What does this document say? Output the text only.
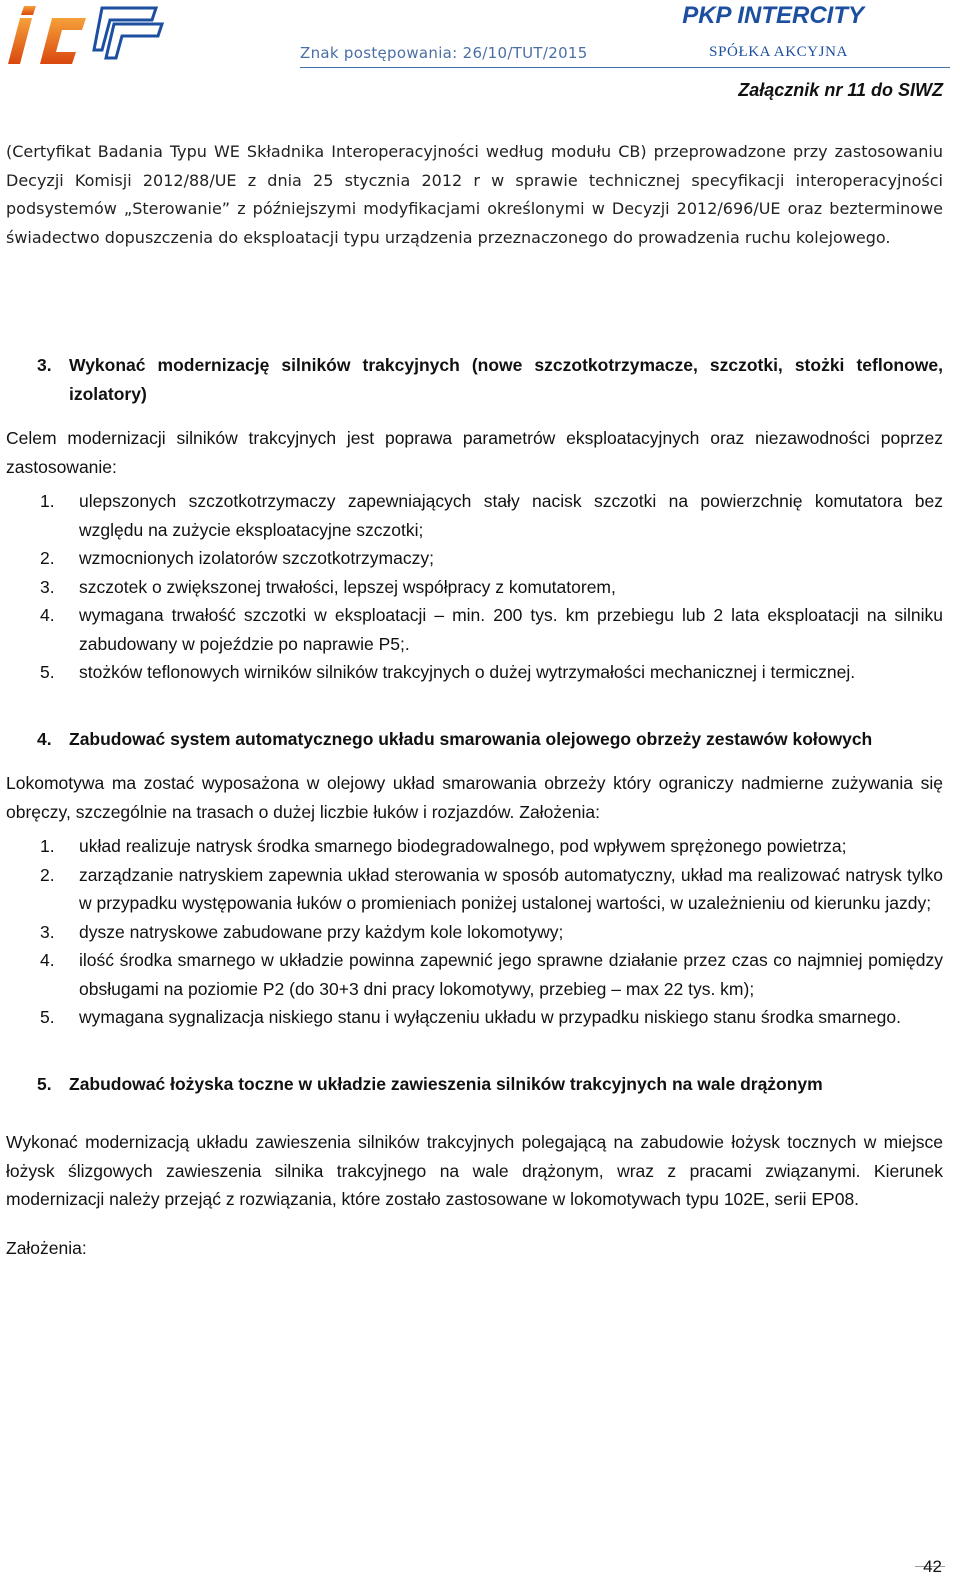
Znak postępowania: 26/10/TUT/2015
PKP INTERCITY
SPÓŁKA AKCYJNA
Załącznik nr 11 do SIWZ

(Certyfikat Badania Typu WE Składnika Interoperacyjności według modułu CB) przeprowadzone przy zastosowaniu Decyzji Komisji 2012/88/UE z dnia 25 stycznia 2012 r w sprawie technicznej specyfikacji interoperacyjności podsystemów „Sterowanie” z późniejszymi modyfikacjami określonymi w Decyzji 2012/696/UE oraz bezterminowe świadectwo dopuszczenia do eksploatacji typu urządzenia przeznaczonego do prowadzenia ruchu kolejowego.

3. Wykonać modernizację silników trakcyjnych (nowe szczotkotrzymacze, szczotki, stożki teflonowe, izolatory)

Celem modernizacji silników trakcyjnych jest poprawa parametrów eksploatacyjnych oraz niezawodności poprzez zastosowanie:

1.	ulepszonych szczotkotrzymaczy zapewniających stały nacisk szczotki na powierzchnię komutatora bez względu na zużycie eksploatacyjne szczotki;
2.	wzmocnionych izolatorów szczotkotrzymaczy;
3.	szczotek o zwiększonej trwałości, lepszej współpracy z komutatorem,
4.	wymagana trwałość szczotki w eksploatacji – min. 200 tys. km przebiegu lub 2 lata eksploatacji na silniku zabudowany w pojeździe po naprawie P5;.
5.	stożków teflonowych wirników silników trakcyjnych o dużej wytrzymałości mechanicznej i termicznej.
4. Zabudować system automatycznego układu smarowania olejowego obrzeży zestawów kołowych

Lokomotywa ma zostać wyposażona w olejowy układ smarowania obrzeży który ograniczy nadmierne zużywania się obręczy, szczególnie na trasach o dużej liczbie łuków i rozjazdów. Założenia:

1.	układ realizuje natrysk środka smarnego biodegradowalnego, pod wpływem sprężonego powietrza;
2.	zarządzanie natryskiem zapewnia układ sterowania w sposób automatyczny, układ ma realizować natrysk tylko w przypadku występowania łuków o promieniach poniżej ustalonej wartości, w uzależnieniu od kierunku jazdy;
3.	dysze natryskowe zabudowane przy każdym kole lokomotywy;
4.	ilość środka smarnego w układzie powinna zapewnić jego sprawne działanie przez czas co najmniej pomiędzy obsługami na poziomie P2 (do 30+3 dni pracy lokomotywy, przebieg – max 22 tys. km);
5.	wymagana sygnalizacja niskiego stanu i wyłączeniu układu w przypadku niskiego stanu środka smarnego.
5. Zabudować łożyska toczne w układzie zawieszenia silników trakcyjnych na wale drążonym

Wykonać modernizacją układu zawieszenia silników trakcyjnych polegającą na zabudowie łożysk tocznych w miejsce łożysk ślizgowych zawieszenia silnika trakcyjnego na wale drążonym, wraz z pracami związanymi. Kierunek modernizacji należy przejąć z rozwiązania, które zostało zastosowane w lokomotywach typu 102E, serii EP08.

Założenia:

42
